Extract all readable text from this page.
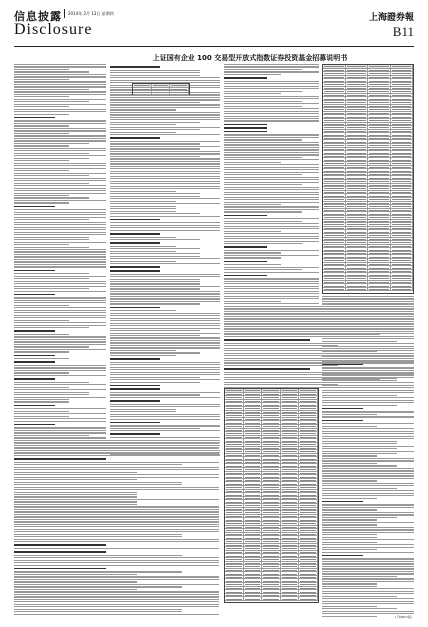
信息披露 2014年 2月 13日 星期四
Disclosure
上海證券報
B11
上证国有企业 100 交易型开放式指数证券投资基金招募说明书
(下转B12版)
